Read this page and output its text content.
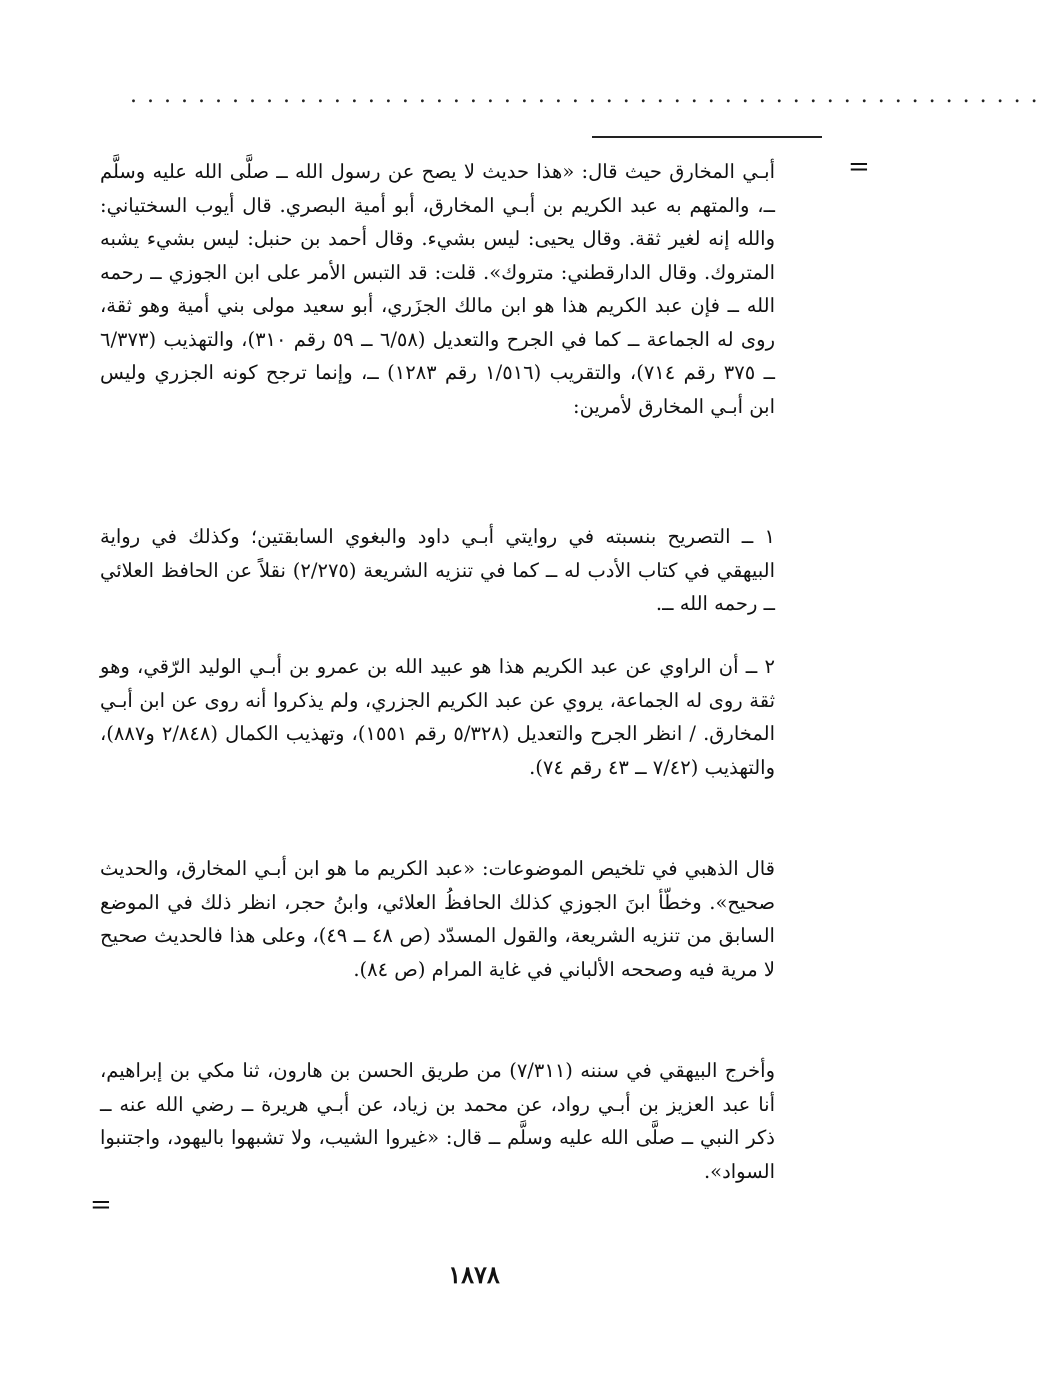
......................................................
=

أبـي المخارق حيث قال: «هذا حديث لا يصح عن رسول الله ــ صلَّى الله عليه وسلَّم ــ، والمتهم به عبد الكريم بن أبـي المخارق، أبو أمية البصري. قال أيوب السختياني: والله إنه لغير ثقة. وقال يحيى: ليس بشيء. وقال أحمد بن حنبل: ليس بشيء يشبه المتروك. وقال الدارقطني: متروك». قلت: قد التبس الأمر على ابن الجوزي ــ رحمه الله ــ فإن عبد الكريم هذا هو ابن مالك الجزَري، أبو سعيد مولى بني أمية وهو ثقة، روى له الجماعة ــ كما في الجرح والتعديل (٦/٥٨ ــ ٥٩ رقم ٣١٠)، والتهذيب (٦/٣٧٣ ــ ٣٧٥ رقم ٧١٤)، والتقريب (١/٥١٦ رقم ١٢٨٣) ــ، وإنما ترجح كونه الجزري وليس ابن أبـي المخارق لأمرين:

١ ــ التصريح بنسبته في روايتي أبـي داود والبغوي السابقتين؛ وكذلك في رواية البيهقي في كتاب الأدب له ــ كما في تنزيه الشريعة (٢/٢٧٥) نقلاً عن الحافظ العلائي ــ رحمه الله ــ.

٢ ــ أن الراوي عن عبد الكريم هذا هو عبيد الله بن عمرو بن أبـي الوليد الرّقي، وهو ثقة روى له الجماعة، يروي عن عبد الكريم الجزري، ولم يذكروا أنه روى عن ابن أبـي المخارق. / انظر الجرح والتعديل (٥/٣٢٨ رقم ١٥٥١)، وتهذيب الكمال (٢/٨٤٨ و٨٨٧)، والتهذيب (٧/٤٢ ــ ٤٣ رقم ٧٤).

قال الذهبي في تلخيص الموضوعات: «عبد الكريم ما هو ابن أبـي المخارق، والحديث صحيح». وخطّأ ابنَ الجوزي كذلك الحافظُ العلائي، وابنُ حجر، انظر ذلك في الموضع السابق من تنزيه الشريعة، والقول المسدّد (ص ٤٨ ــ ٤٩)، وعلى هذا فالحديث صحيح لا مرية فيه وصححه الألباني في غاية المرام (ص ٨٤).

وأخرج البيهقي في سننه (٧/٣١١) من طريق الحسن بن هارون، ثنا مكي بن إبراهيم، أنا عبد العزيز بن أبـي رواد، عن محمد بن زياد، عن أبـي هريرة ــ رضي الله عنه ــ ذكر النبي ــ صلَّى الله عليه وسلَّم ــ قال: «غيروا الشيب، ولا تشبهوا باليهود، واجتنبوا السواد».

=
١٨٧٨
